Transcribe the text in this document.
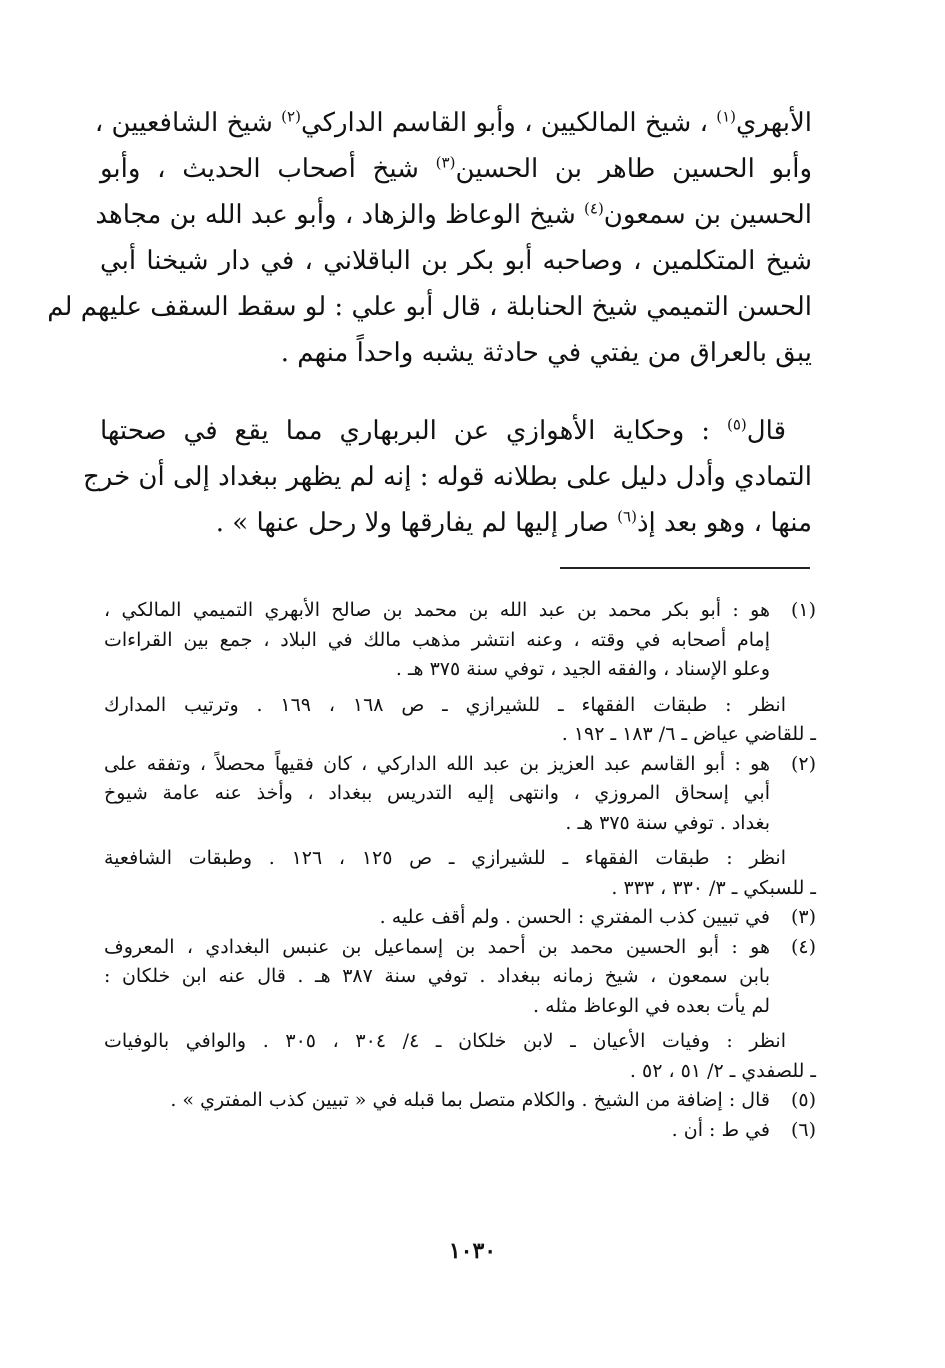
الأبهري$^{(١)}$ ، شيخ المالكيين ، وأبو القاسم الداركي$^{(٢)}$ شيخ الشافعيين ،
وأبو الحسين طاهر بن الحسين$^{(٣)}$ شيخ أصحاب الحديث ، وأبو
الحسين بن سمعون$^{(٤)}$ شيخ الوعاظ والزهاد ، وأبو عبد الله بن مجاهد
شيخ المتكلمين ، وصاحبه أبو بكر بن الباقلاني ، في دار شيخنا أبي
الحسن التميمي شيخ الحنابلة ، قال أبو علي : لو سقط السقف عليهم لم
يبق بالعراق من يفتي في حادثة يشبه واحداً منهم .

 قال$^{(٥)}$ : وحكاية الأهوازي عن البربهاري مما يقع في صحتها
التمادي وأدل دليل على بطلانه قوله : إنه لم يظهر ببغداد إلى أن خرج
منها ، وهو بعد إذ$^{(٦)}$ صار إليها لم يفارقها ولا رحل عنها » .

(١)
هو : أبو بكر محمد بن عبد الله بن محمد بن صالح الأبهري التميمي المالكي ،
إمام أصحابه في وقته ، وعنه انتشر مذهب مالك في البلاد ، جمع بين القراءات
وعلو الإسناد ، والفقه الجيد ، توفي سنة ٣٧٥ هـ .
انظر : طبقات الفقهاء ـ للشيرازي ـ ص ١٦٨ ، ١٦٩ . وترتيب المدارك
ـ للقاضي عياض ـ ٦/ ١٨٣ ـ ١٩٢ .
(٢)
هو : أبو القاسم عبد العزيز بن عبد الله الداركي ، كان فقيهاً محصلاً ، وتفقه على
أبي إسحاق المروزي ، وانتهى إليه التدريس ببغداد ، وأخذ عنه عامة شيوخ
بغداد . توفي سنة ٣٧٥ هـ .
انظر : طبقات الفقهاء ـ للشيرازي ـ ص ١٢٥ ، ١٢٦ . وطبقات الشافعية
ـ للسبكي ـ ٣/ ٣٣٠ ، ٣٣٣ .
(٣)
في تبيين كذب المفتري : الحسن . ولم أقف عليه .
(٤)
هو : أبو الحسين محمد بن أحمد بن إسماعيل بن عنبس البغدادي ، المعروف
بابن سمعون ، شيخ زمانه ببغداد . توفي سنة ٣٨٧ هـ . قال عنه ابن خلكان :
لم يأت بعده في الوعاظ مثله .
انظر : وفيات الأعيان ـ لابن خلكان ـ ٤/ ٣٠٤ ، ٣٠٥ . والوافي بالوفيات
ـ للصفدي ـ ٢/ ٥١ ، ٥٢ .
(٥)
قال : إضافة من الشيخ . والكلام متصل بما قبله في « تبيين كذب المفتري » .
(٦)
في ط : أن .
١٠٣٠
